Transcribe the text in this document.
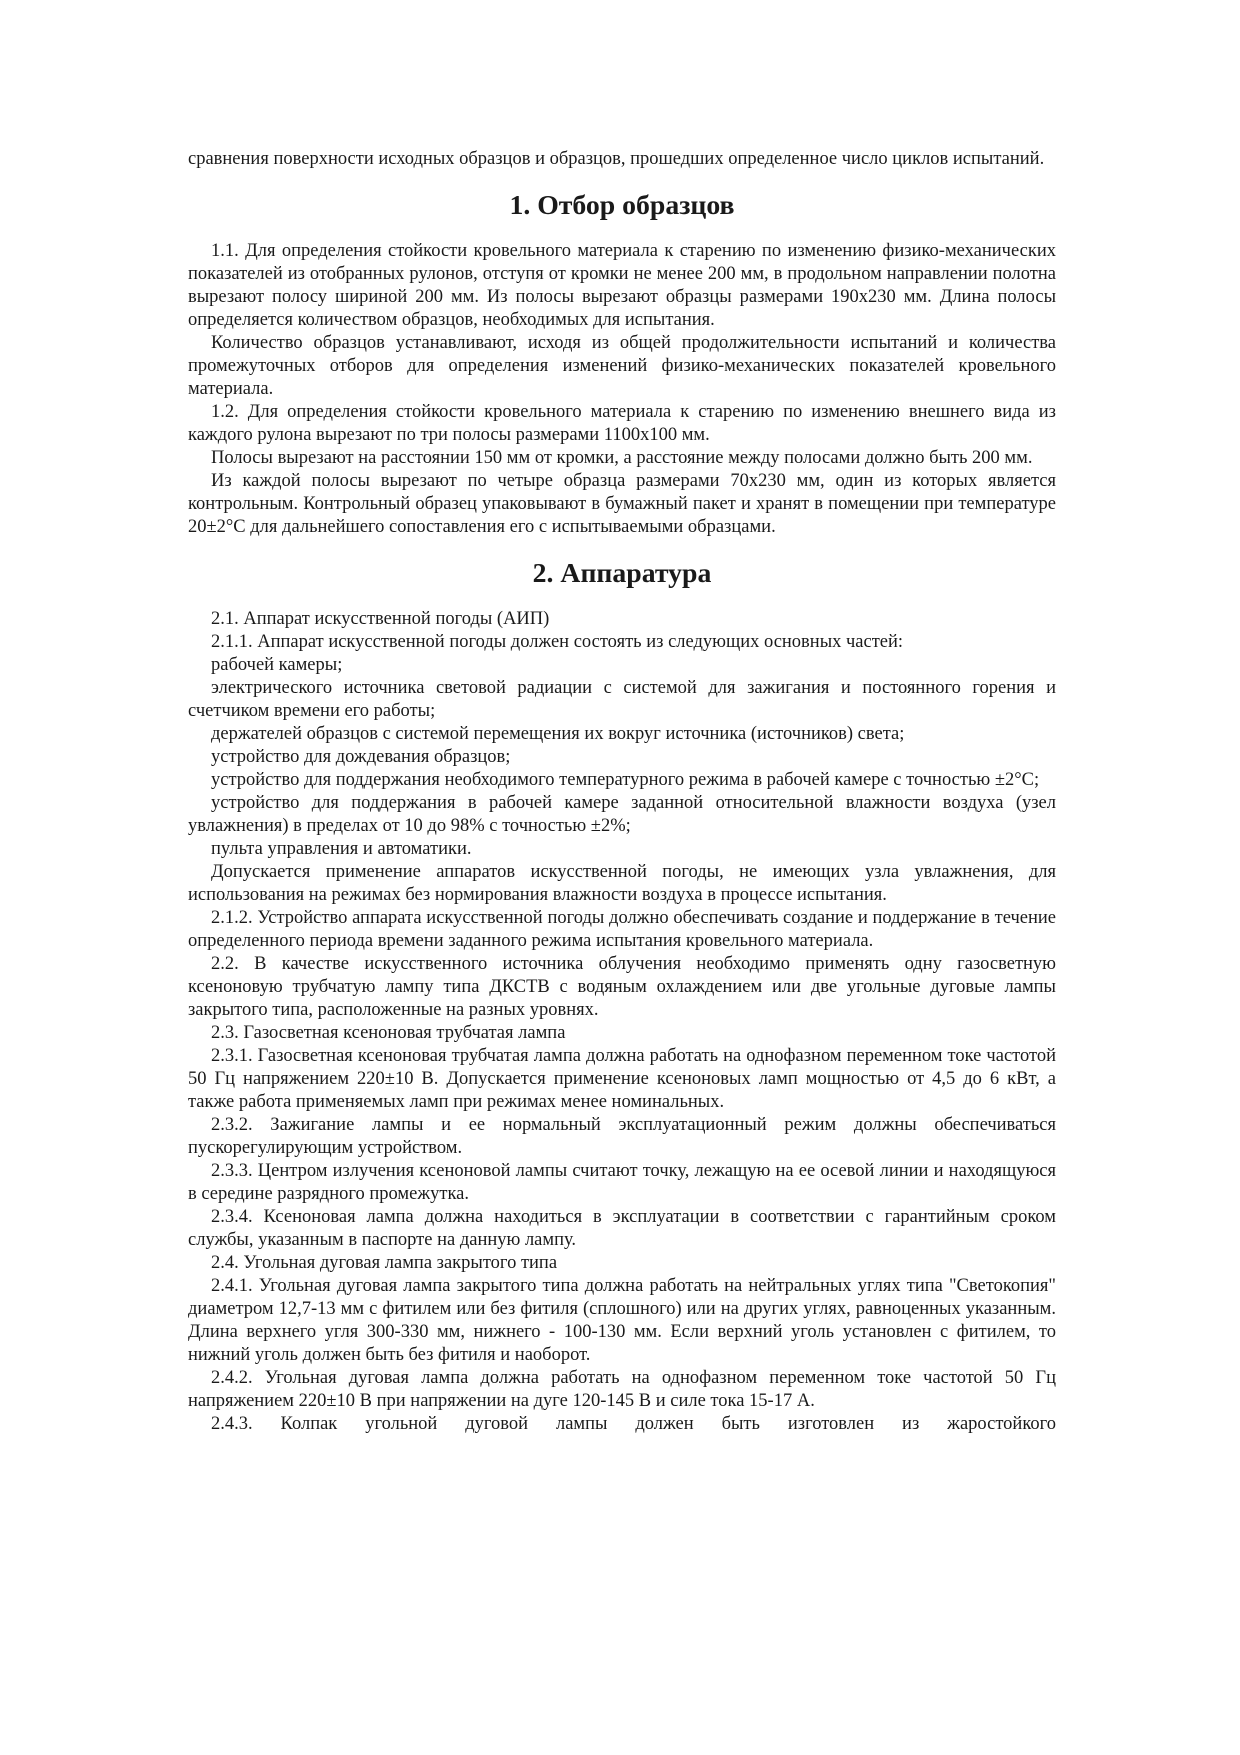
сравнения поверхности исходных образцов и образцов, прошедших определенное число циклов испытаний.

1. Отбор образцов

1.1. Для определения стойкости кровельного материала к старению по изменению физико-механических показателей из отобранных рулонов, отступя от кромки не менее 200 мм, в продольном направлении полотна вырезают полосу шириной 200 мм. Из полосы вырезают образцы размерами 190х230 мм. Длина полосы определяется количеством образцов, необходимых для испытания.

Количество образцов устанавливают, исходя из общей продолжительности испытаний и количества промежуточных отборов для определения изменений физико-механических показателей кровельного материала.

1.2. Для определения стойкости кровельного материала к старению по изменению внешнего вида из каждого рулона вырезают по три полосы размерами 1100х100 мм.

Полосы вырезают на расстоянии 150 мм от кромки, а расстояние между полосами должно быть 200 мм.

Из каждой полосы вырезают по четыре образца размерами 70х230 мм, один из которых является контрольным. Контрольный образец упаковывают в бумажный пакет и хранят в помещении при температуре 20±2°С для дальнейшего сопоставления его с испытываемыми образцами.

2. Аппаратура

2.1. Аппарат искусственной погоды (АИП)

2.1.1. Аппарат искусственной погоды должен состоять из следующих основных частей:

рабочей камеры;

электрического источника световой радиации с системой для зажигания и постоянного горения и счетчиком времени его работы;

держателей образцов с системой перемещения их вокруг источника (источников) света;

устройство для дождевания образцов;

устройство для поддержания необходимого температурного режима в рабочей камере с точностью ±2°С;

устройство для поддержания в рабочей камере заданной относительной влажности воздуха (узел увлажнения) в пределах от 10 до 98% с точностью ±2%;

пульта управления и автоматики.

Допускается применение аппаратов искусственной погоды, не имеющих узла увлажнения, для использования на режимах без нормирования влажности воздуха в процессе испытания.

2.1.2. Устройство аппарата искусственной погоды должно обеспечивать создание и поддержание в течение определенного периода времени заданного режима испытания кровельного материала.

2.2. В качестве искусственного источника облучения необходимо применять одну газосветную ксеноновую трубчатую лампу типа ДКСТВ с водяным охлаждением или две угольные дуговые лампы закрытого типа, расположенные на разных уровнях.

2.3. Газосветная ксеноновая трубчатая лампа

2.3.1. Газосветная ксеноновая трубчатая лампа должна работать на однофазном переменном токе частотой 50 Гц напряжением 220±10 В. Допускается применение ксеноновых ламп мощностью от 4,5 до 6 кВт, а также работа применяемых ламп при режимах менее номинальных.

2.3.2. Зажигание лампы и ее нормальный эксплуатационный режим должны обеспечиваться пускорегулирующим устройством.

2.3.3. Центром излучения ксеноновой лампы считают точку, лежащую на ее осевой линии и находящуюся в середине разрядного промежутка.

2.3.4. Ксеноновая лампа должна находиться в эксплуатации в соответствии с гарантийным сроком службы, указанным в паспорте на данную лампу.

2.4. Угольная дуговая лампа закрытого типа

2.4.1. Угольная дуговая лампа закрытого типа должна работать на нейтральных углях типа "Светокопия" диаметром 12,7-13 мм с фитилем или без фитиля (сплошного) или на других углях, равноценных указанным. Длина верхнего угля 300-330 мм, нижнего - 100-130 мм. Если верхний уголь установлен с фитилем, то нижний уголь должен быть без фитиля и наоборот.

2.4.2. Угольная дуговая лампа должна работать на однофазном переменном токе частотой 50 Гц напряжением 220±10 В при напряжении на дуге 120-145 В и силе тока 15-17 А.

2.4.3. Колпак угольной дуговой лампы должен быть изготовлен из жаростойкого
